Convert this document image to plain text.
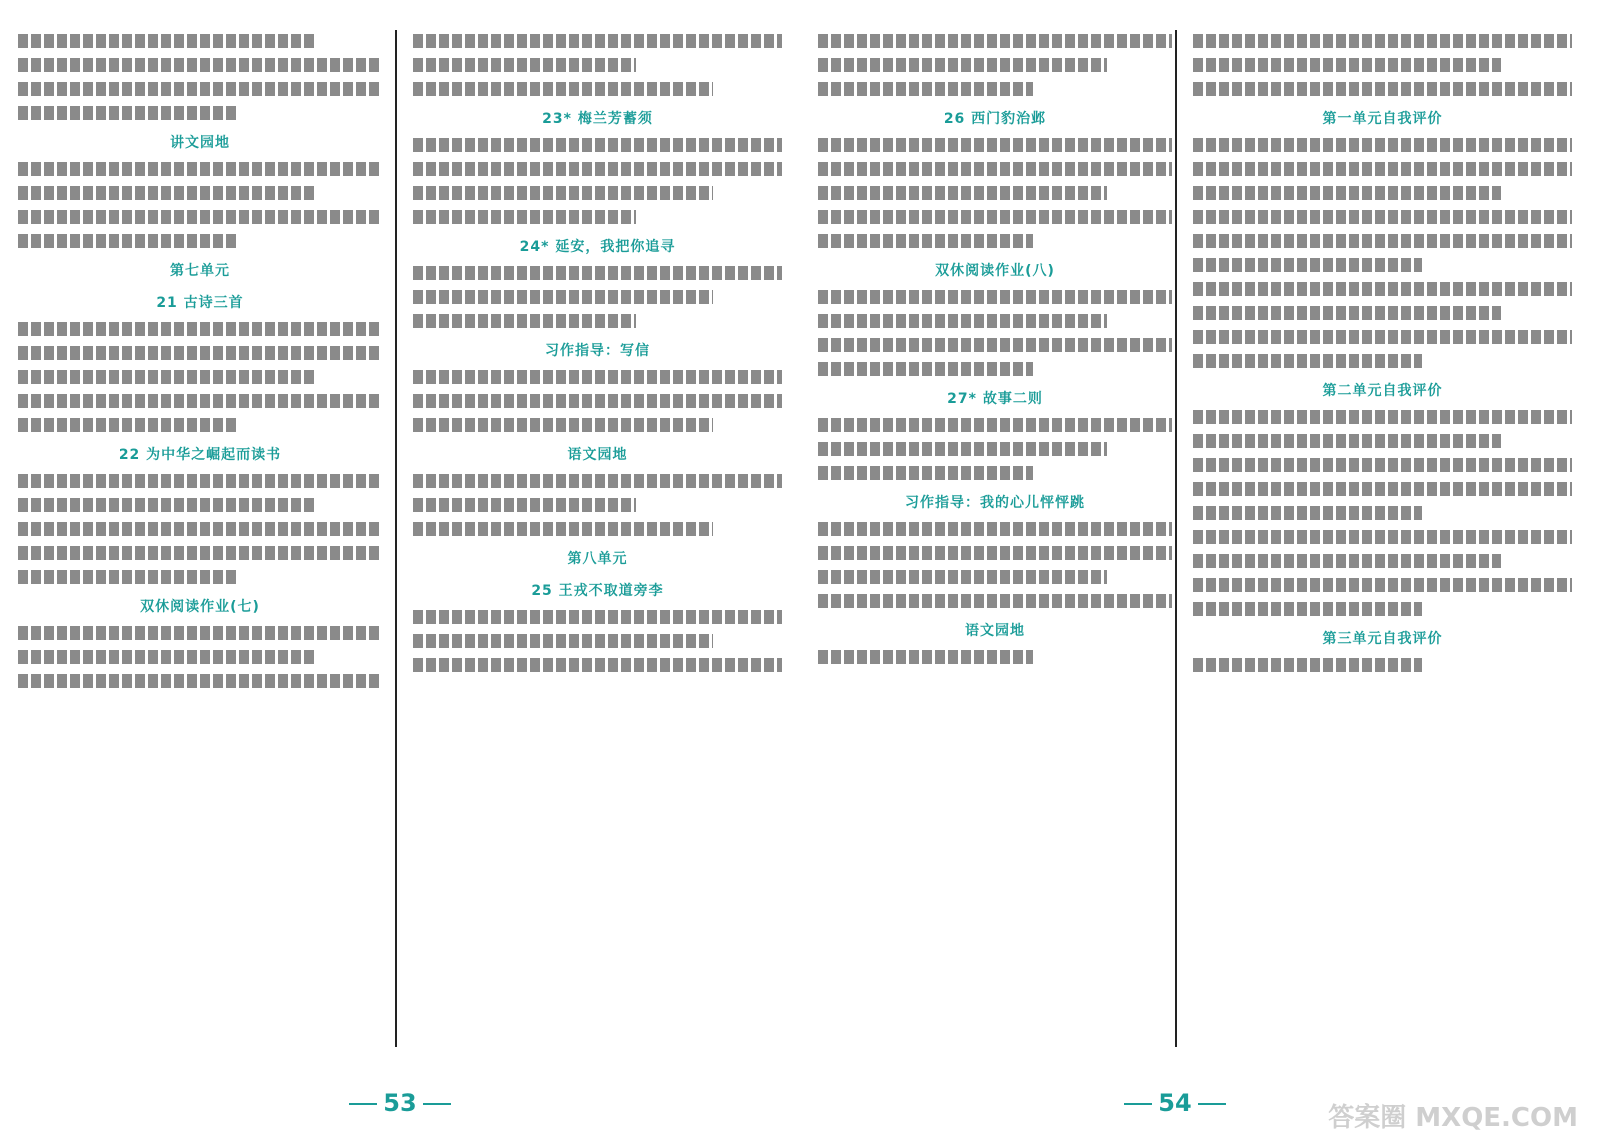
讲文园地
第七单元
21 古诗三首
22 为中华之崛起而读书
双休阅读作业(七)
23* 梅兰芳蓄须
24* 延安，我把你追寻
习作指导：写信
语文园地
第八单元
25 王戎不取道旁李
53
26 西门豹治邺
双休阅读作业(八)
27* 故事二则
习作指导：我的心儿怦怦跳
语文园地
第一单元自我评价
第二单元自我评价
第三单元自我评价
54	答案圈 MXQE.COM
